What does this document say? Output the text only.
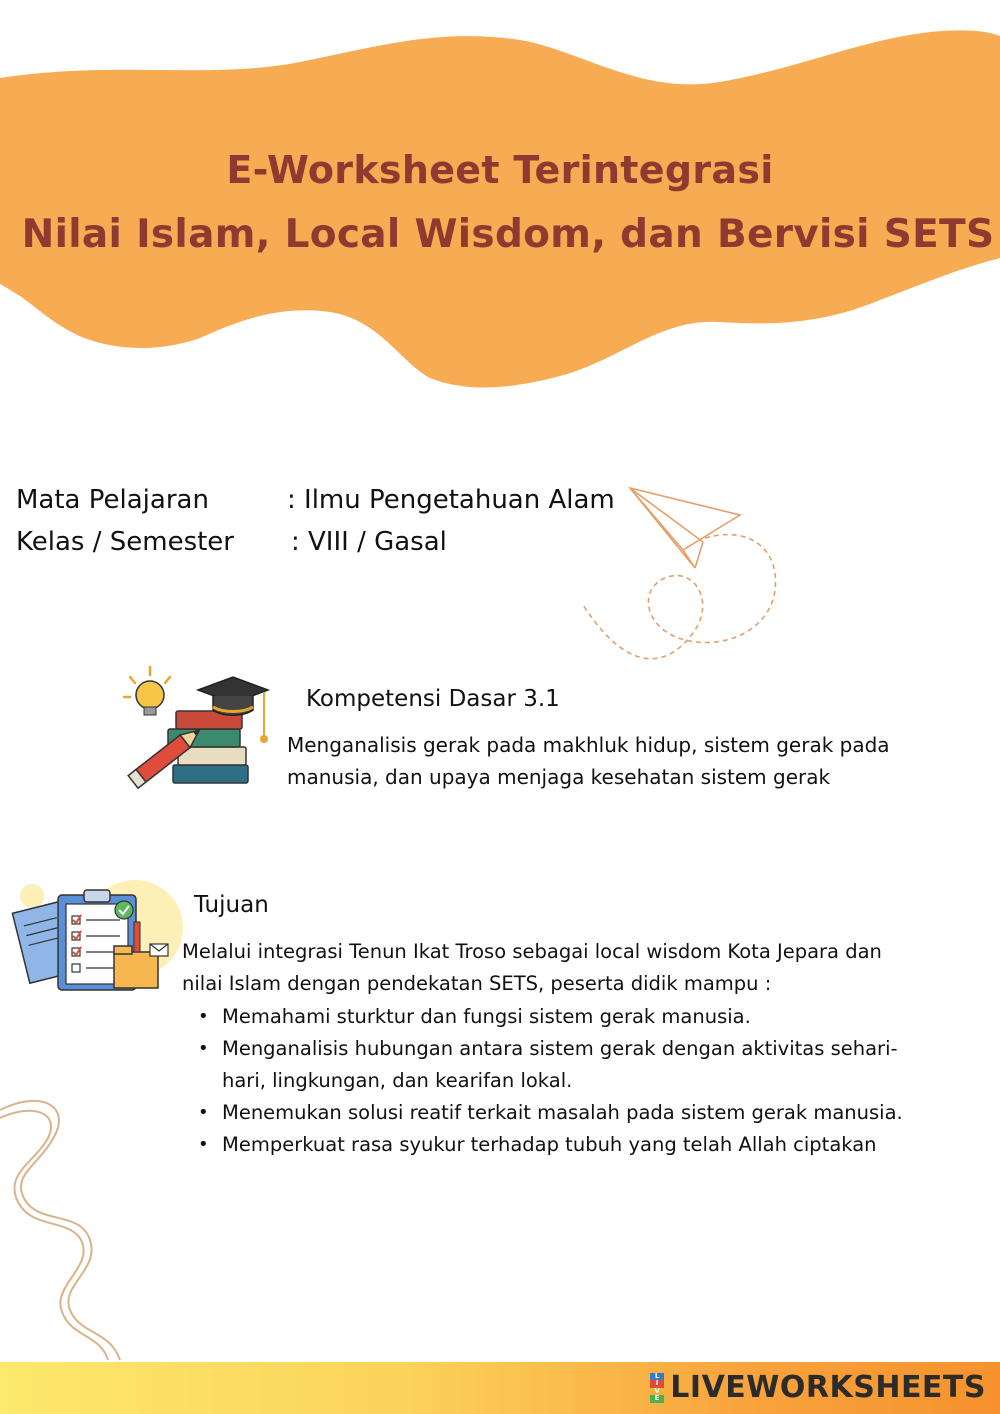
E-Worksheet Terintegrasi
Nilai Islam, Local Wisdom, dan Bervisi SETS
Mata Pelajaran	: Ilmu Pengetahuan Alam
Kelas / Semester : VIII / Gasal
Kompetensi Dasar 3.1
Menganalisis gerak pada makhluk hidup, sistem gerak pada
manusia, dan upaya menjaga kesehatan sistem gerak
Tujuan
Melalui integrasi Tenun Ikat Troso sebagai local wisdom Kota Jepara dan
nilai Islam dengan pendekatan SETS, peserta didik mampu :
• Memahami sturktur dan fungsi sistem gerak manusia.
• Menganalisis hubungan antara sistem gerak dengan aktivitas sehari-
hari, lingkungan, dan kearifan lokal.
• Menemukan solusi reatif terkait masalah pada sistem gerak manusia.
• Memperkuat rasa syukur terhadap tubuh yang telah Allah ciptakan
L
I
V
E LIVEWORKSHEETS
